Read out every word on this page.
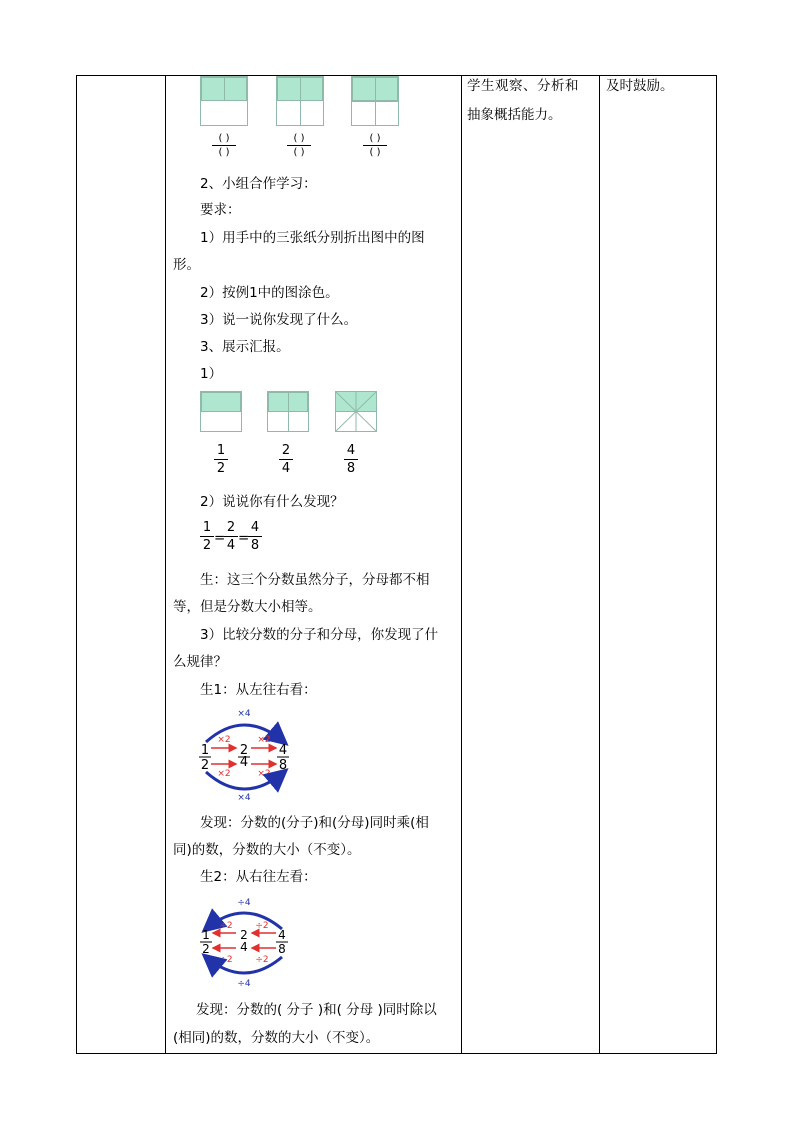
学生观察、分析和
抽象概括能力。
及时鼓励。
( )

( )
( )

( )
( )

( )
2、小组合作学习：
要求：
1）用手中的三张纸分别折出图中的图
形。
2）按例1中的图涂色。
3）说一说你发现了什么。
3、展示汇报。
1）
1
2
2
4
4
8
2）说说你有什么发现？
1
2 =
2
4 =
4
8
生：这三个分数虽然分子，分母都不相
等，但是分数大小相等。
3）比较分数的分子和分母，你发现了什
么规律？
生1：从左往右看：
×4
×2	×2
1 2 4
2 4 8
×2	×2
×4
发现：分数的(分子)和(分母)同时乘(相
同)的数，分数的大小（不变）。
生2：从右往左看：
÷4
÷2	÷2
1	2	4
2	4	8
÷2	÷2
÷4
发现：分数的( 分子 )和( 分母 )同时除以
(相同)的数，分数的大小（不变）。
